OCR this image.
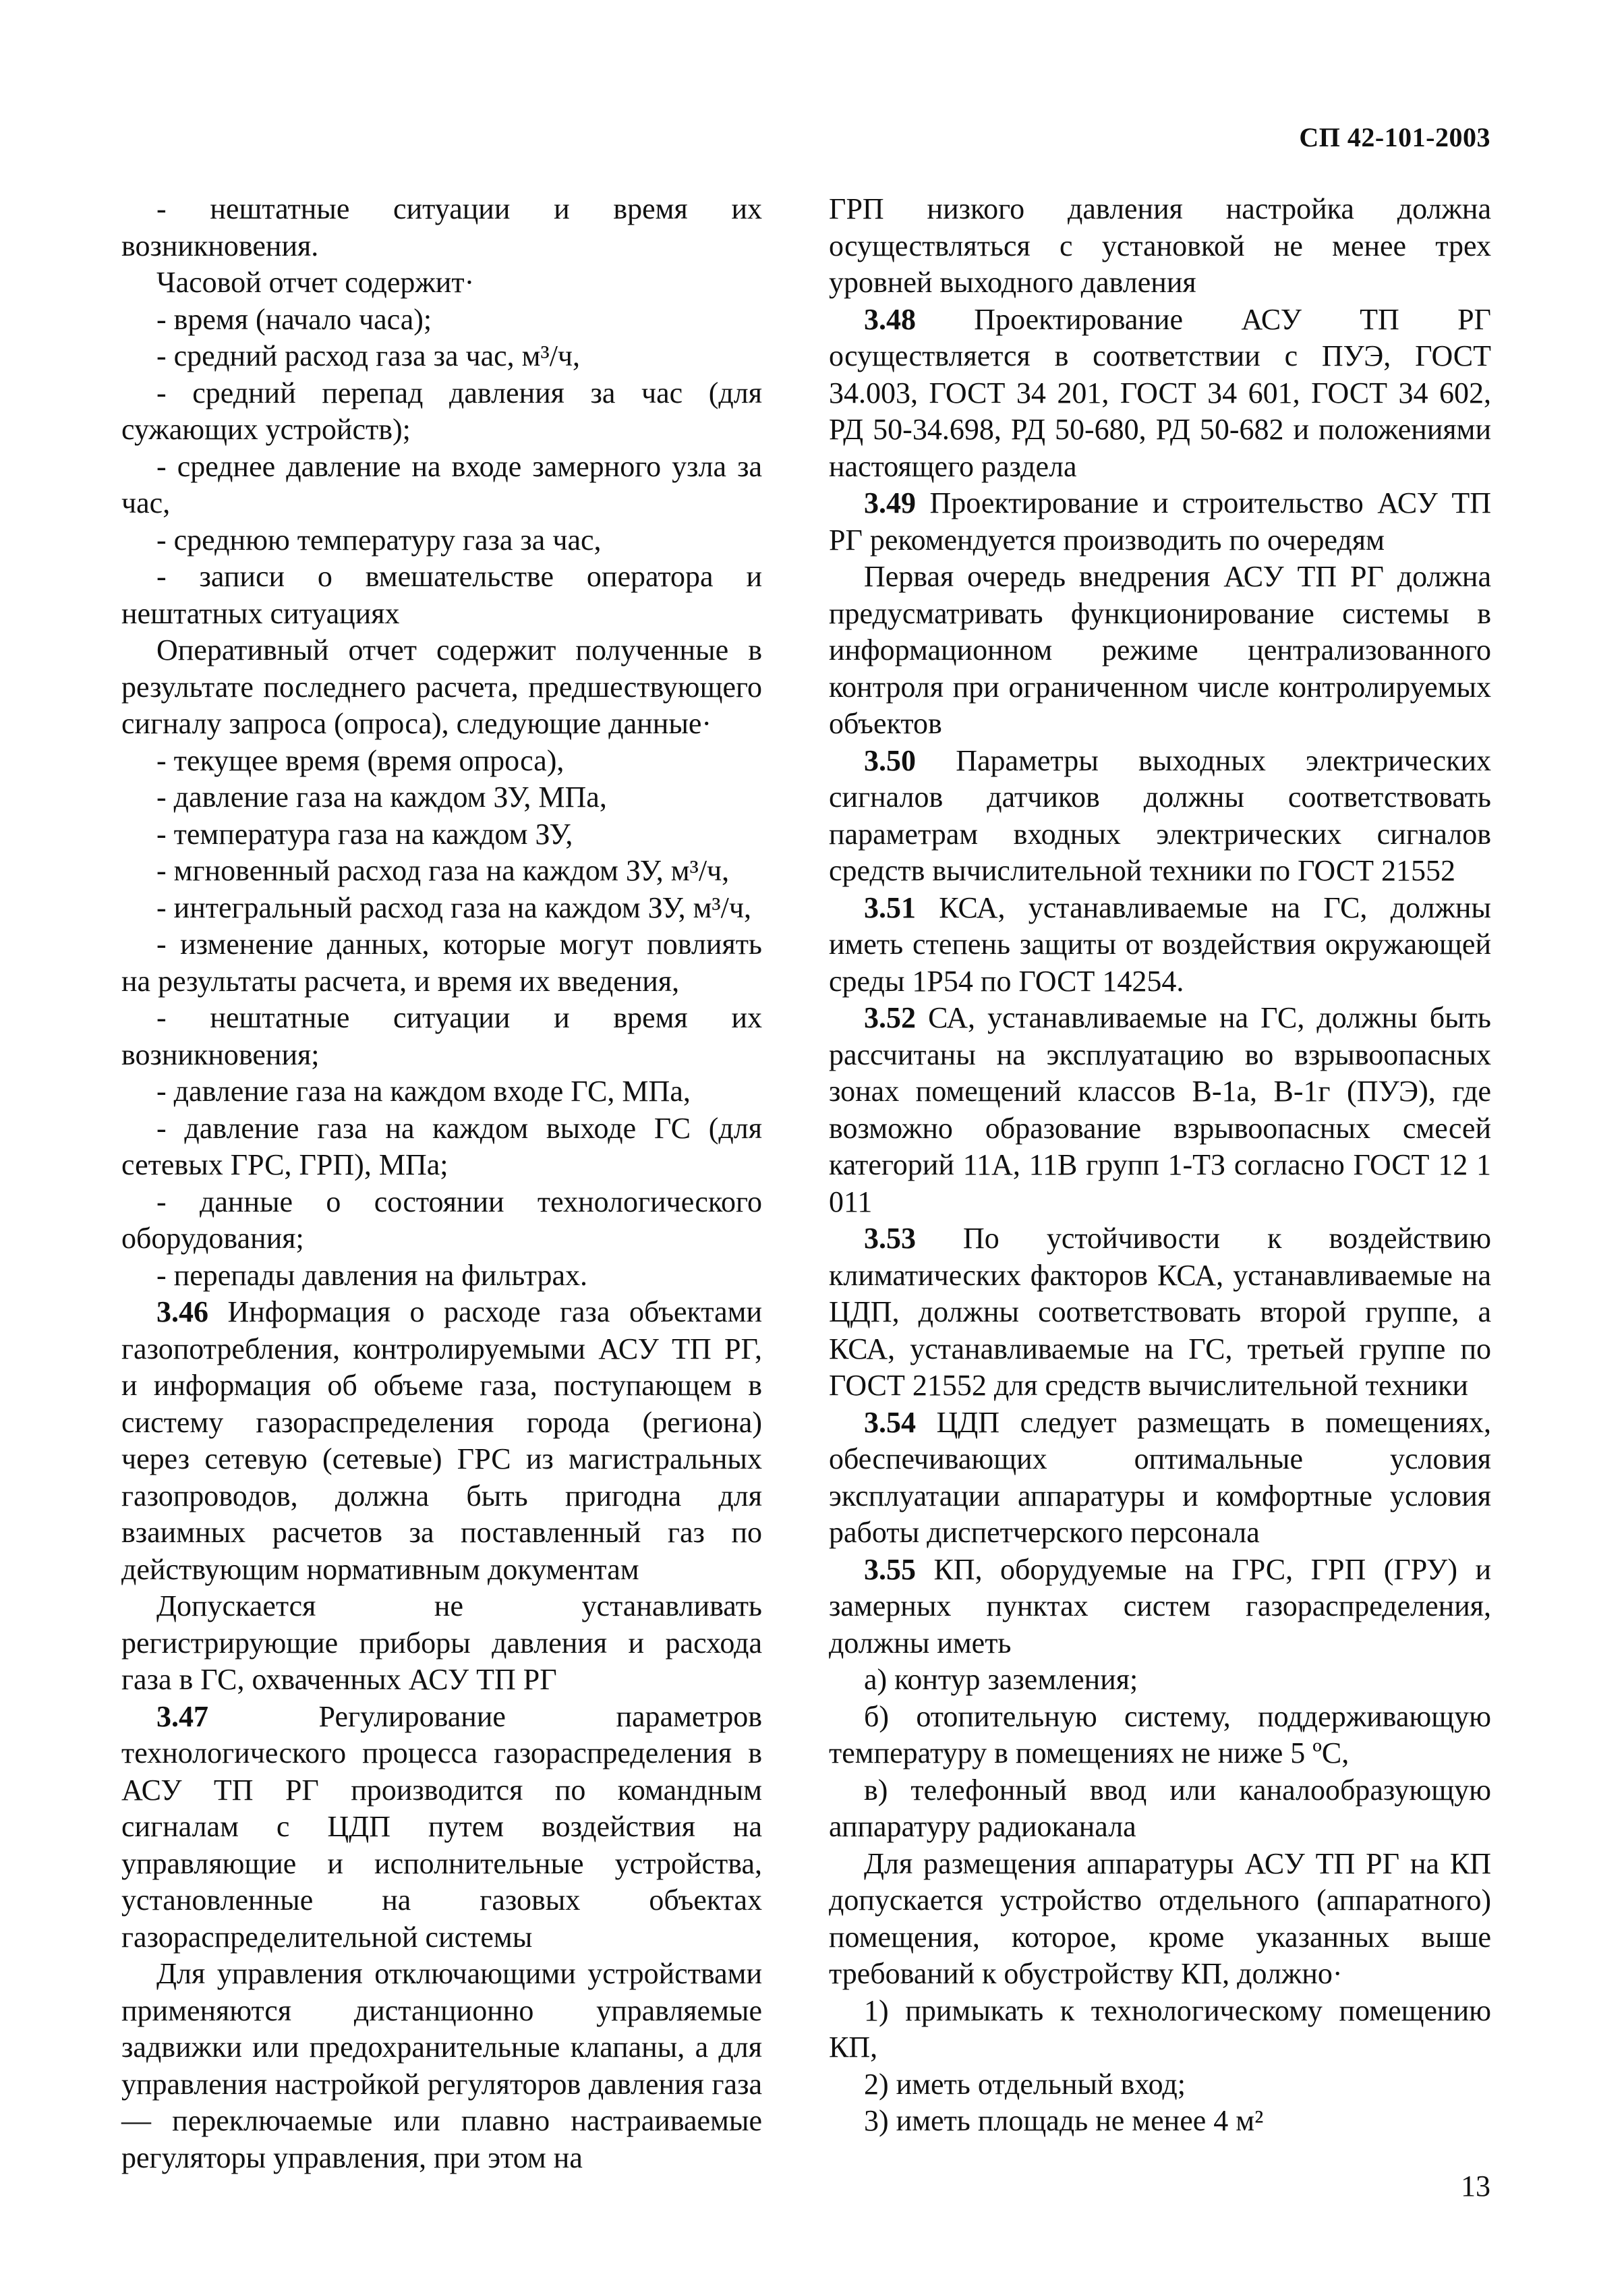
СП 42-101-2003

- нештатные ситуации и время их возникновения.

Часовой отчет содержит·

- время (начало часа);

- средний расход газа за час, м³/ч,

- средний перепад давления за час (для сужающих устройств);

- среднее давление на входе замерного узла за час,

- среднюю температуру газа за час,

- записи о вмешательстве оператора и нештатных ситуациях

Оперативный отчет содержит полученные в результате последнего расчета, предшествующего сигналу запроса (опроса), следующие данные·

- текущее время (время опроса),

- давление газа на каждом ЗУ, МПа,

- температура газа на каждом ЗУ,

- мгновенный расход газа на каждом ЗУ, м³/ч,

- интегральный расход газа на каждом ЗУ, м³/ч,

- изменение данных, которые могут повлиять на результаты расчета, и время их введения,

- нештатные ситуации и время их возникновения;

- давление газа на каждом входе ГС, МПа,

- давление газа на каждом выходе ГС (для сетевых ГРС, ГРП), МПа;

- данные о состоянии технологического оборудования;

- перепады давления на фильтрах.

3.46 Информация о расходе газа объектами газопотребления, контролируемыми АСУ ТП РГ, и информация об объеме газа, поступающем в систему газораспределения города (региона) через сетевую (сетевые) ГРС из магистральных газопроводов, должна быть пригодна для взаимных расчетов за поставленный газ по действующим нормативным документам

Допускается не устанавливать регистрирующие приборы давления и расхода газа в ГС, охваченных АСУ ТП РГ

3.47 Регулирование параметров технологического процесса газораспределения в АСУ ТП РГ производится по командным сигналам с ЦДП путем воздействия на управляющие и исполнительные устройства, установленные на газовых объектах газораспределительной системы

Для управления отключающими устройствами применяются дистанционно управляемые задвижки или предохранительные клапаны, а для управления настройкой регуляторов давления газа — переключаемые или плавно настраиваемые регуляторы управления, при этом на

ГРП низкого давления настройка должна осуществляться с установкой не менее трех уровней выходного давления

3.48 Проектирование АСУ ТП РГ осуществляется в соответствии с ПУЭ, ГОСТ 34.003, ГОСТ 34 201, ГОСТ 34 601, ГОСТ 34 602, РД 50-34.698, РД 50-680, РД 50-682 и положениями настоящего раздела

3.49 Проектирование и строительство АСУ ТП РГ рекомендуется производить по очередям

Первая очередь внедрения АСУ ТП РГ должна предусматривать функционирование системы в информационном режиме централизованного контроля при ограниченном числе контролируемых объектов

3.50 Параметры выходных электрических сигналов датчиков должны соответствовать параметрам входных электрических сигналов средств вычислительной техники по ГОСТ 21552

3.51 КСА, устанавливаемые на ГС, должны иметь степень защиты от воздействия окружающей среды 1Р54 по ГОСТ 14254.

3.52 СА, устанавливаемые на ГС, должны быть рассчитаны на эксплуатацию во взрывоопасных зонах помещений классов В-1а, В-1г (ПУЭ), где возможно образование взрывоопасных смесей категорий 11А, 11В групп 1-ТЗ согласно ГОСТ 12 1 011

3.53 По устойчивости к воздействию климатических факторов КСА, устанавливаемые на ЦДП, должны соответствовать второй группе, а КСА, устанавливаемые на ГС, третьей группе по ГОСТ 21552 для средств вычислительной техники

3.54 ЦДП следует размещать в помещениях, обеспечивающих оптимальные условия эксплуатации аппаратуры и комфортные условия работы диспетчерского персонала

3.55 КП, оборудуемые на ГРС, ГРП (ГРУ) и замерных пунктах систем газораспределения, должны иметь

а) контур заземления;

б) отопительную систему, поддерживающую температуру в помещениях не ниже 5 ºС,

в) телефонный ввод или каналообразующую аппаратуру радиоканала

Для размещения аппаратуры АСУ ТП РГ на КП допускается устройство отдельного (аппаратного) помещения, которое, кроме указанных выше требований к обустройству КП, должно·

1) примыкать к технологическому помещению КП,

2) иметь отдельный вход;

3) иметь площадь не менее 4 м²

13
